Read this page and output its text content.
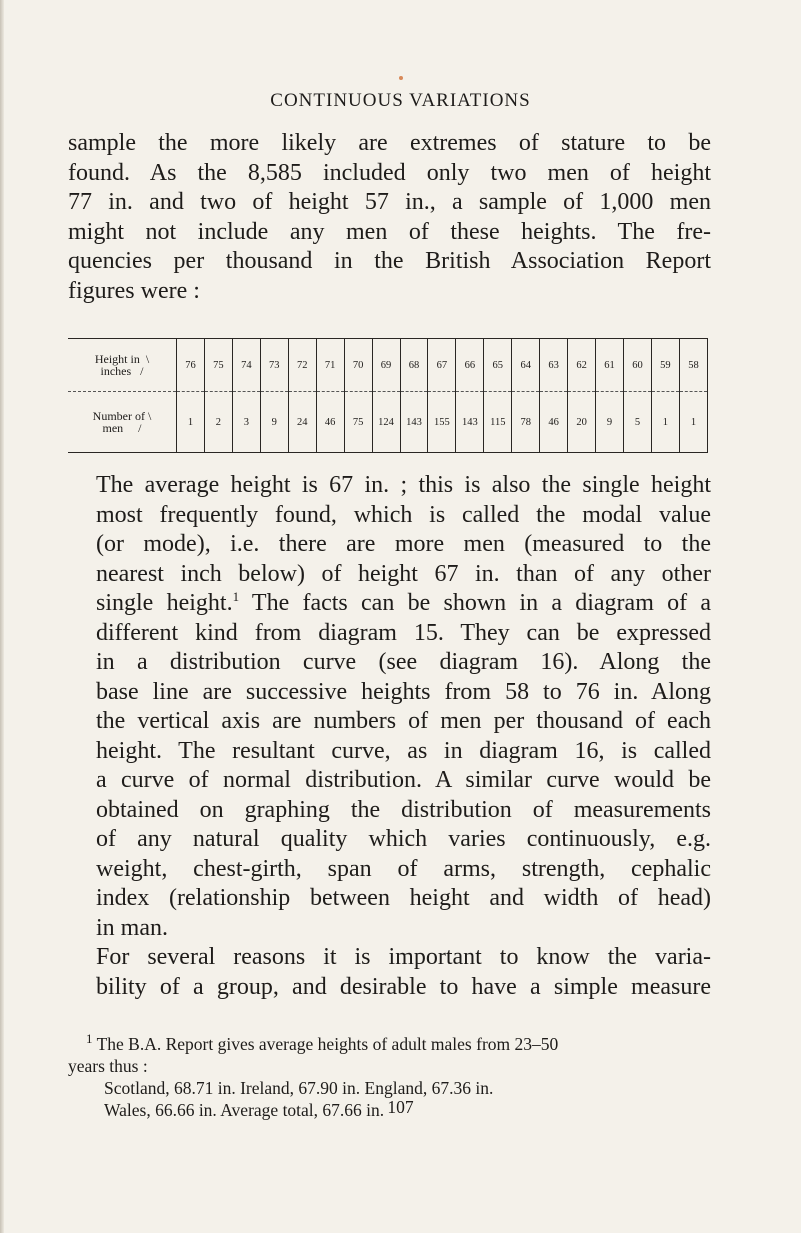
CONTINUOUS VARIATIONS

sample the more likely are extremes of stature to be
found. As the 8,585 included only two men of height
77 in. and two of height 57 in., a sample of 1,000 men
might not include any men of these heights. The fre-
quencies per thousand in the British Association Report
figures were :

Height in  \
inches   /	76	75	74	73	72	71	70	69	68	67	66	65	64	63	62	61	60	59	58
Number of \
men     /	1	2	3	9	24	46	75	124	143	155	143	115	78	46	20	9	5	1	1

The average height is 67 in. ; this is also the single height
most frequently found, which is called the modal value
(or mode), i.e. there are more men (measured to the
nearest inch below) of height 67 in. than of any other
single height.$^1$ The facts can be shown in a diagram of a
different kind from diagram 15. They can be expressed
in a distribution curve (see diagram 16). Along the
base line are successive heights from 58 to 76 in. Along
the vertical axis are numbers of men per thousand of each
height. The resultant curve, as in diagram 16, is called
a curve of normal distribution. A similar curve would be
obtained on graphing the distribution of measurements
of any natural quality which varies continuously, e.g.
weight, chest-girth, span of arms, strength, cephalic
index (relationship between height and width of head)
in man.

For several reasons it is important to know the varia-
bility of a group, and desirable to have a simple measure

$^1$ The B.A. Report gives average heights of adult males from 23–50

years thus :

Scotland, 68.71 in. Ireland, 67.90 in. England, 67.36 in.

Wales, 66.66 in. Average total, 67.66 in. 107
